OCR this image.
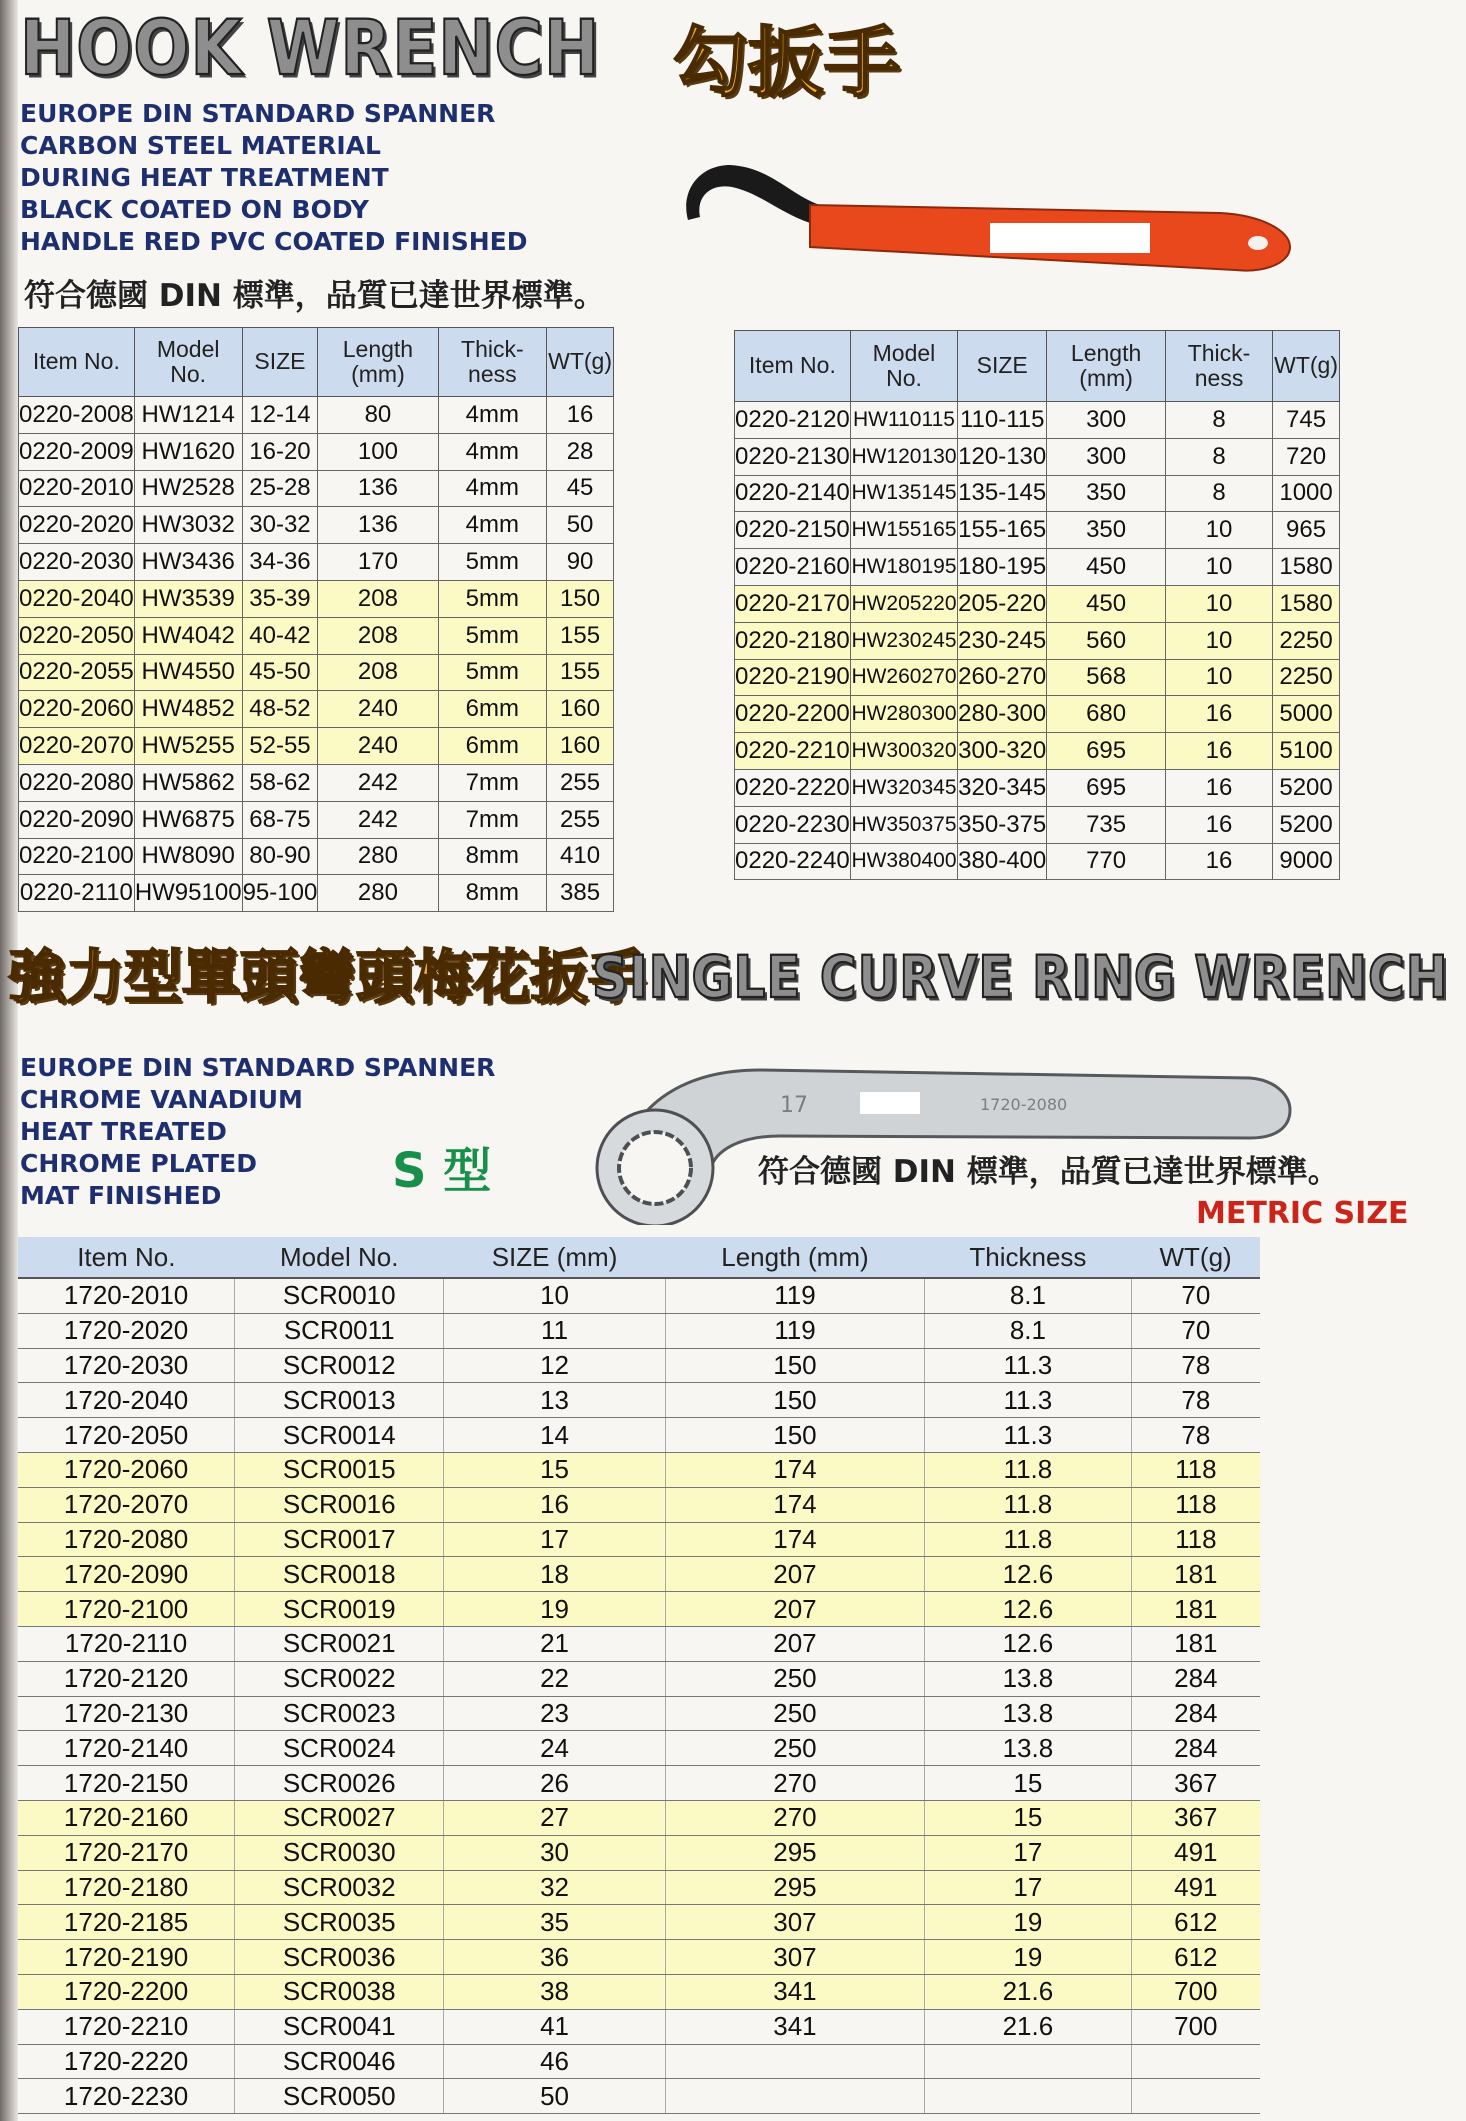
HOOK WRENCH 勾扳手
EUROPE DIN STANDARD SPANNER
CARBON STEEL MATERIAL
DURING HEAT TREATMENT
BLACK COATED ON BODY
HANDLE RED PVC COATED FINISHED
符合德國 DIN 標準，品質已達世界標準。
Item No.	Model No.	SIZE	Length (mm)	Thick- ness	WT(g)
0220-2008	HW1214	12-14	80	4mm	16
0220-2009	HW1620	16-20	100	4mm	28
0220-2010	HW2528	25-28	136	4mm	45
0220-2020	HW3032	30-32	136	4mm	50
0220-2030	HW3436	34-36	170	5mm	90
0220-2040	HW3539	35-39	208	5mm	150
0220-2050	HW4042	40-42	208	5mm	155
0220-2055	HW4550	45-50	208	5mm	155
0220-2060	HW4852	48-52	240	6mm	160
0220-2070	HW5255	52-55	240	6mm	160
0220-2080	HW5862	58-62	242	7mm	255
0220-2090	HW6875	68-75	242	7mm	255
0220-2100	HW8090	80-90	280	8mm	410
0220-2110	HW95100	95-100	280	8mm	385
Item No.	Model No.	SIZE	Length (mm)	Thick- ness	WT(g)
0220-2120	HW110115	110-115	300	8	745
0220-2130	HW120130	120-130	300	8	720
0220-2140	HW135145	135-145	350	8	1000
0220-2150	HW155165	155-165	350	10	965
0220-2160	HW180195	180-195	450	10	1580
0220-2170	HW205220	205-220	450	10	1580
0220-2180	HW230245	230-245	560	10	2250
0220-2190	HW260270	260-270	568	10	2250
0220-2200	HW280300	280-300	680	16	5000
0220-2210	HW300320	300-320	695	16	5100
0220-2220	HW320345	320-345	695	16	5200
0220-2230	HW350375	350-375	735	16	5200
0220-2240	HW380400	380-400	770	16	9000
強力型單頭彎頭梅花扳手
SINGLE CURVE RING WRENCH
EUROPE DIN STANDARD SPANNER
CHROME VANADIUM
HEAT TREATED
CHROME PLATED
MAT FINISHED	S 型
17	1720-2080
符合德國 DIN 標準，品質已達世界標準。
METRIC SIZE
Item No.	Model No.	SIZE (mm)	Length (mm)	Thickness	WT(g)
1720-2010	SCR0010	10	119	8.1	70
1720-2020	SCR0011	11	119	8.1	70
1720-2030	SCR0012	12	150	11.3	78
1720-2040	SCR0013	13	150	11.3	78
1720-2050	SCR0014	14	150	11.3	78
1720-2060	SCR0015	15	174	11.8	118
1720-2070	SCR0016	16	174	11.8	118
1720-2080	SCR0017	17	174	11.8	118
1720-2090	SCR0018	18	207	12.6	181
1720-2100	SCR0019	19	207	12.6	181
1720-2110	SCR0021	21	207	12.6	181
1720-2120	SCR0022	22	250	13.8	284
1720-2130	SCR0023	23	250	13.8	284
1720-2140	SCR0024	24	250	13.8	284
1720-2150	SCR0026	26	270	15	367
1720-2160	SCR0027	27	270	15	367
1720-2170	SCR0030	30	295	17	491
1720-2180	SCR0032	32	295	17	491
1720-2185	SCR0035	35	307	19	612
1720-2190	SCR0036	36	307	19	612
1720-2200	SCR0038	38	341	21.6	700
1720-2210	SCR0041	41	341	21.6	700
1720-2220	SCR0046	46			
1720-2230	SCR0050	50			
